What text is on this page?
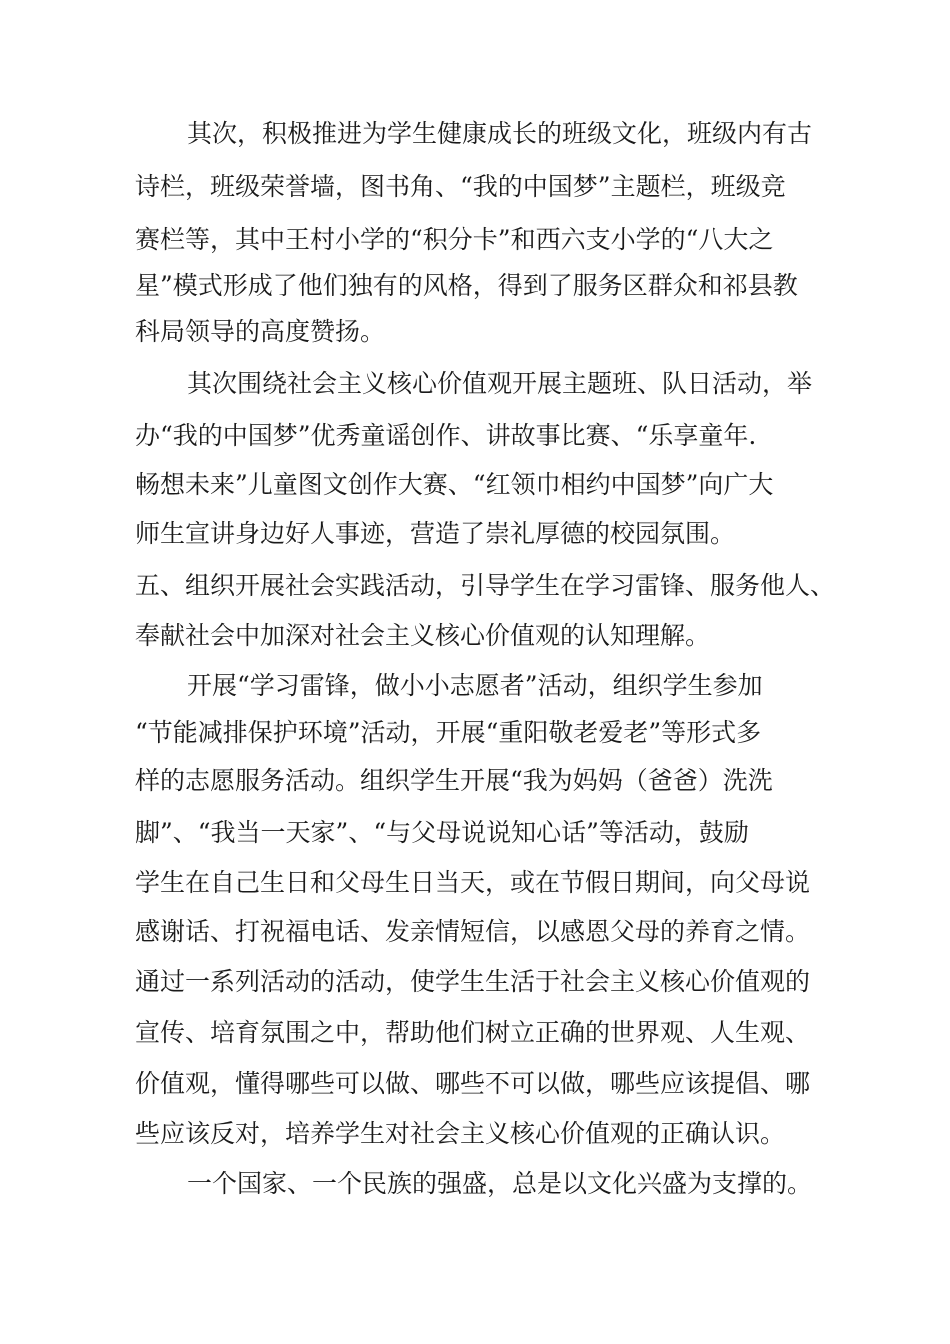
其次，积极推进为学生健康成长的班级文化，班级内有古
诗栏，班级荣誉墙，图书角、“我的中国梦”主题栏，班级竞
赛栏等，其中王村小学的“积分卡”和西六支小学的“八大之
星”模式形成了他们独有的风格，得到了服务区群众和祁县教
科局领导的高度赞扬。
其次围绕社会主义核心价值观开展主题班、队日活动，举
办“我的中国梦”优秀童谣创作、讲故事比赛、“乐享童年.
畅想未来”儿童图文创作大赛、“红领巾相约中国梦”向广大
师生宣讲身边好人事迹，营造了崇礼厚德的校园氛围。
五、组织开展社会实践活动，引导学生在学习雷锋、服务他人、
奉献社会中加深对社会主义核心价值观的认知理解。
开展“学习雷锋，做小小志愿者”活动，组织学生参加
“节能减排保护环境”活动，开展“重阳敬老爱老”等形式多
样的志愿服务活动。组织学生开展“我为妈妈（爸爸）洗洗
脚”、“我当一天家”、“与父母说说知心话”等活动，鼓励
学生在自己生日和父母生日当天，或在节假日期间，向父母说
感谢话、打祝福电话、发亲情短信，以感恩父母的养育之情。
通过一系列活动的活动，使学生生活于社会主义核心价值观的
宣传、培育氛围之中，帮助他们树立正确的世界观、人生观、
价值观，懂得哪些可以做、哪些不可以做，哪些应该提倡、哪
些应该反对，培养学生对社会主义核心价值观的正确认识。
一个国家、一个民族的强盛，总是以文化兴盛为支撑的。
